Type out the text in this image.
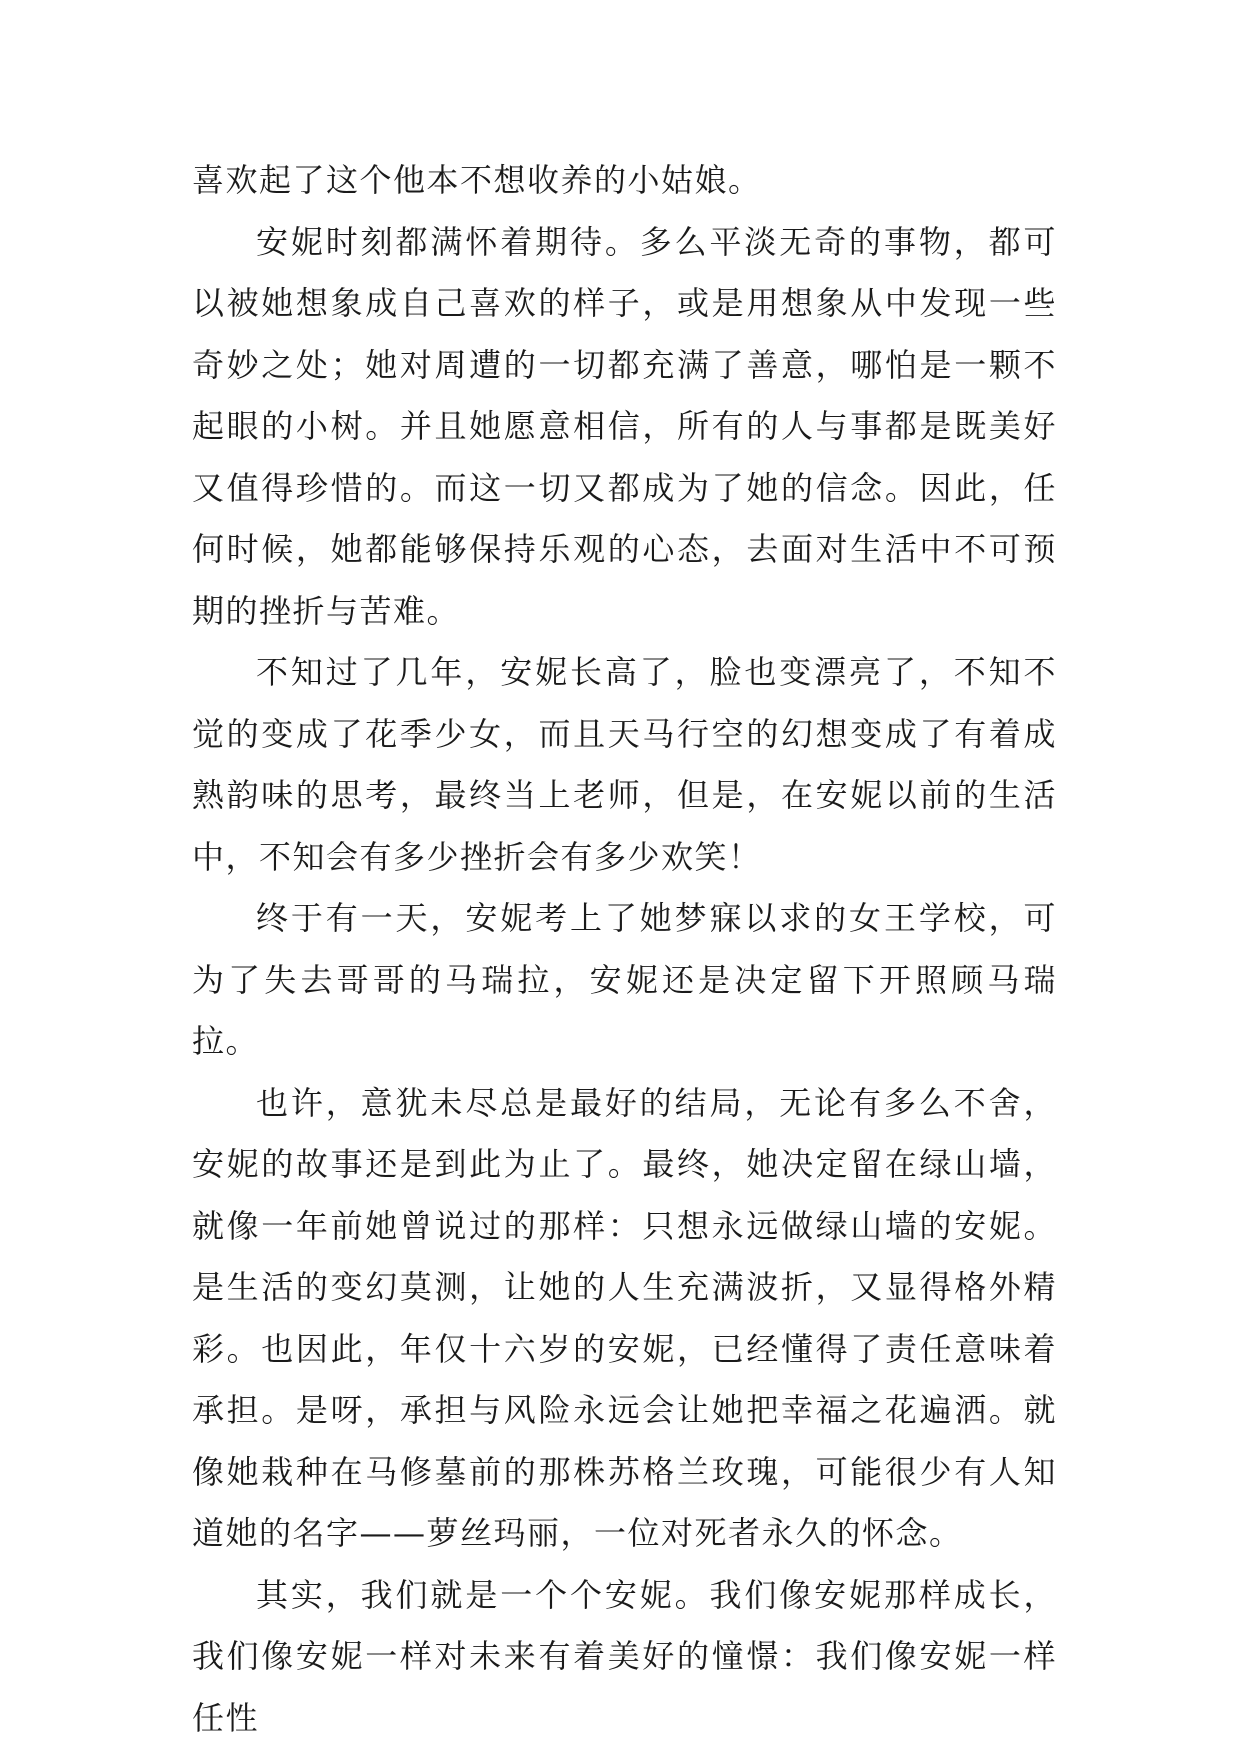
喜欢起了这个他本不想收养的小姑娘。

安妮时刻都满怀着期待。多么平淡无奇的事物，都可以被她想象成自己喜欢的样子，或是用想象从中发现一些奇妙之处；她对周遭的一切都充满了善意，哪怕是一颗不起眼的小树。并且她愿意相信，所有的人与事都是既美好又值得珍惜的。而这一切又都成为了她的信念。因此，任何时候，她都能够保持乐观的心态，去面对生活中不可预期的挫折与苦难。

不知过了几年，安妮长高了，脸也变漂亮了，不知不觉的变成了花季少女，而且天马行空的幻想变成了有着成熟韵味的思考，最终当上老师，但是，在安妮以前的生活中，不知会有多少挫折会有多少欢笑！

终于有一天，安妮考上了她梦寐以求的女王学校，可为了失去哥哥的马瑞拉，安妮还是决定留下开照顾马瑞拉。

也许，意犹未尽总是最好的结局，无论有多么不舍，安妮的故事还是到此为止了。最终，她决定留在绿山墙，就像一年前她曾说过的那样：只想永远做绿山墙的安妮。是生活的变幻莫测，让她的人生充满波折，又显得格外精彩。也因此，年仅十六岁的安妮，已经懂得了责任意味着承担。是呀，承担与风险永远会让她把幸福之花遍洒。就像她栽种在马修墓前的那株苏格兰玫瑰，可能很少有人知道她的名字——萝丝玛丽，一位对死者永久的怀念。

其实，我们就是一个个安妮。我们像安妮那样成长，我们像安妮一样对未来有着美好的憧憬：我们像安妮一样任性
